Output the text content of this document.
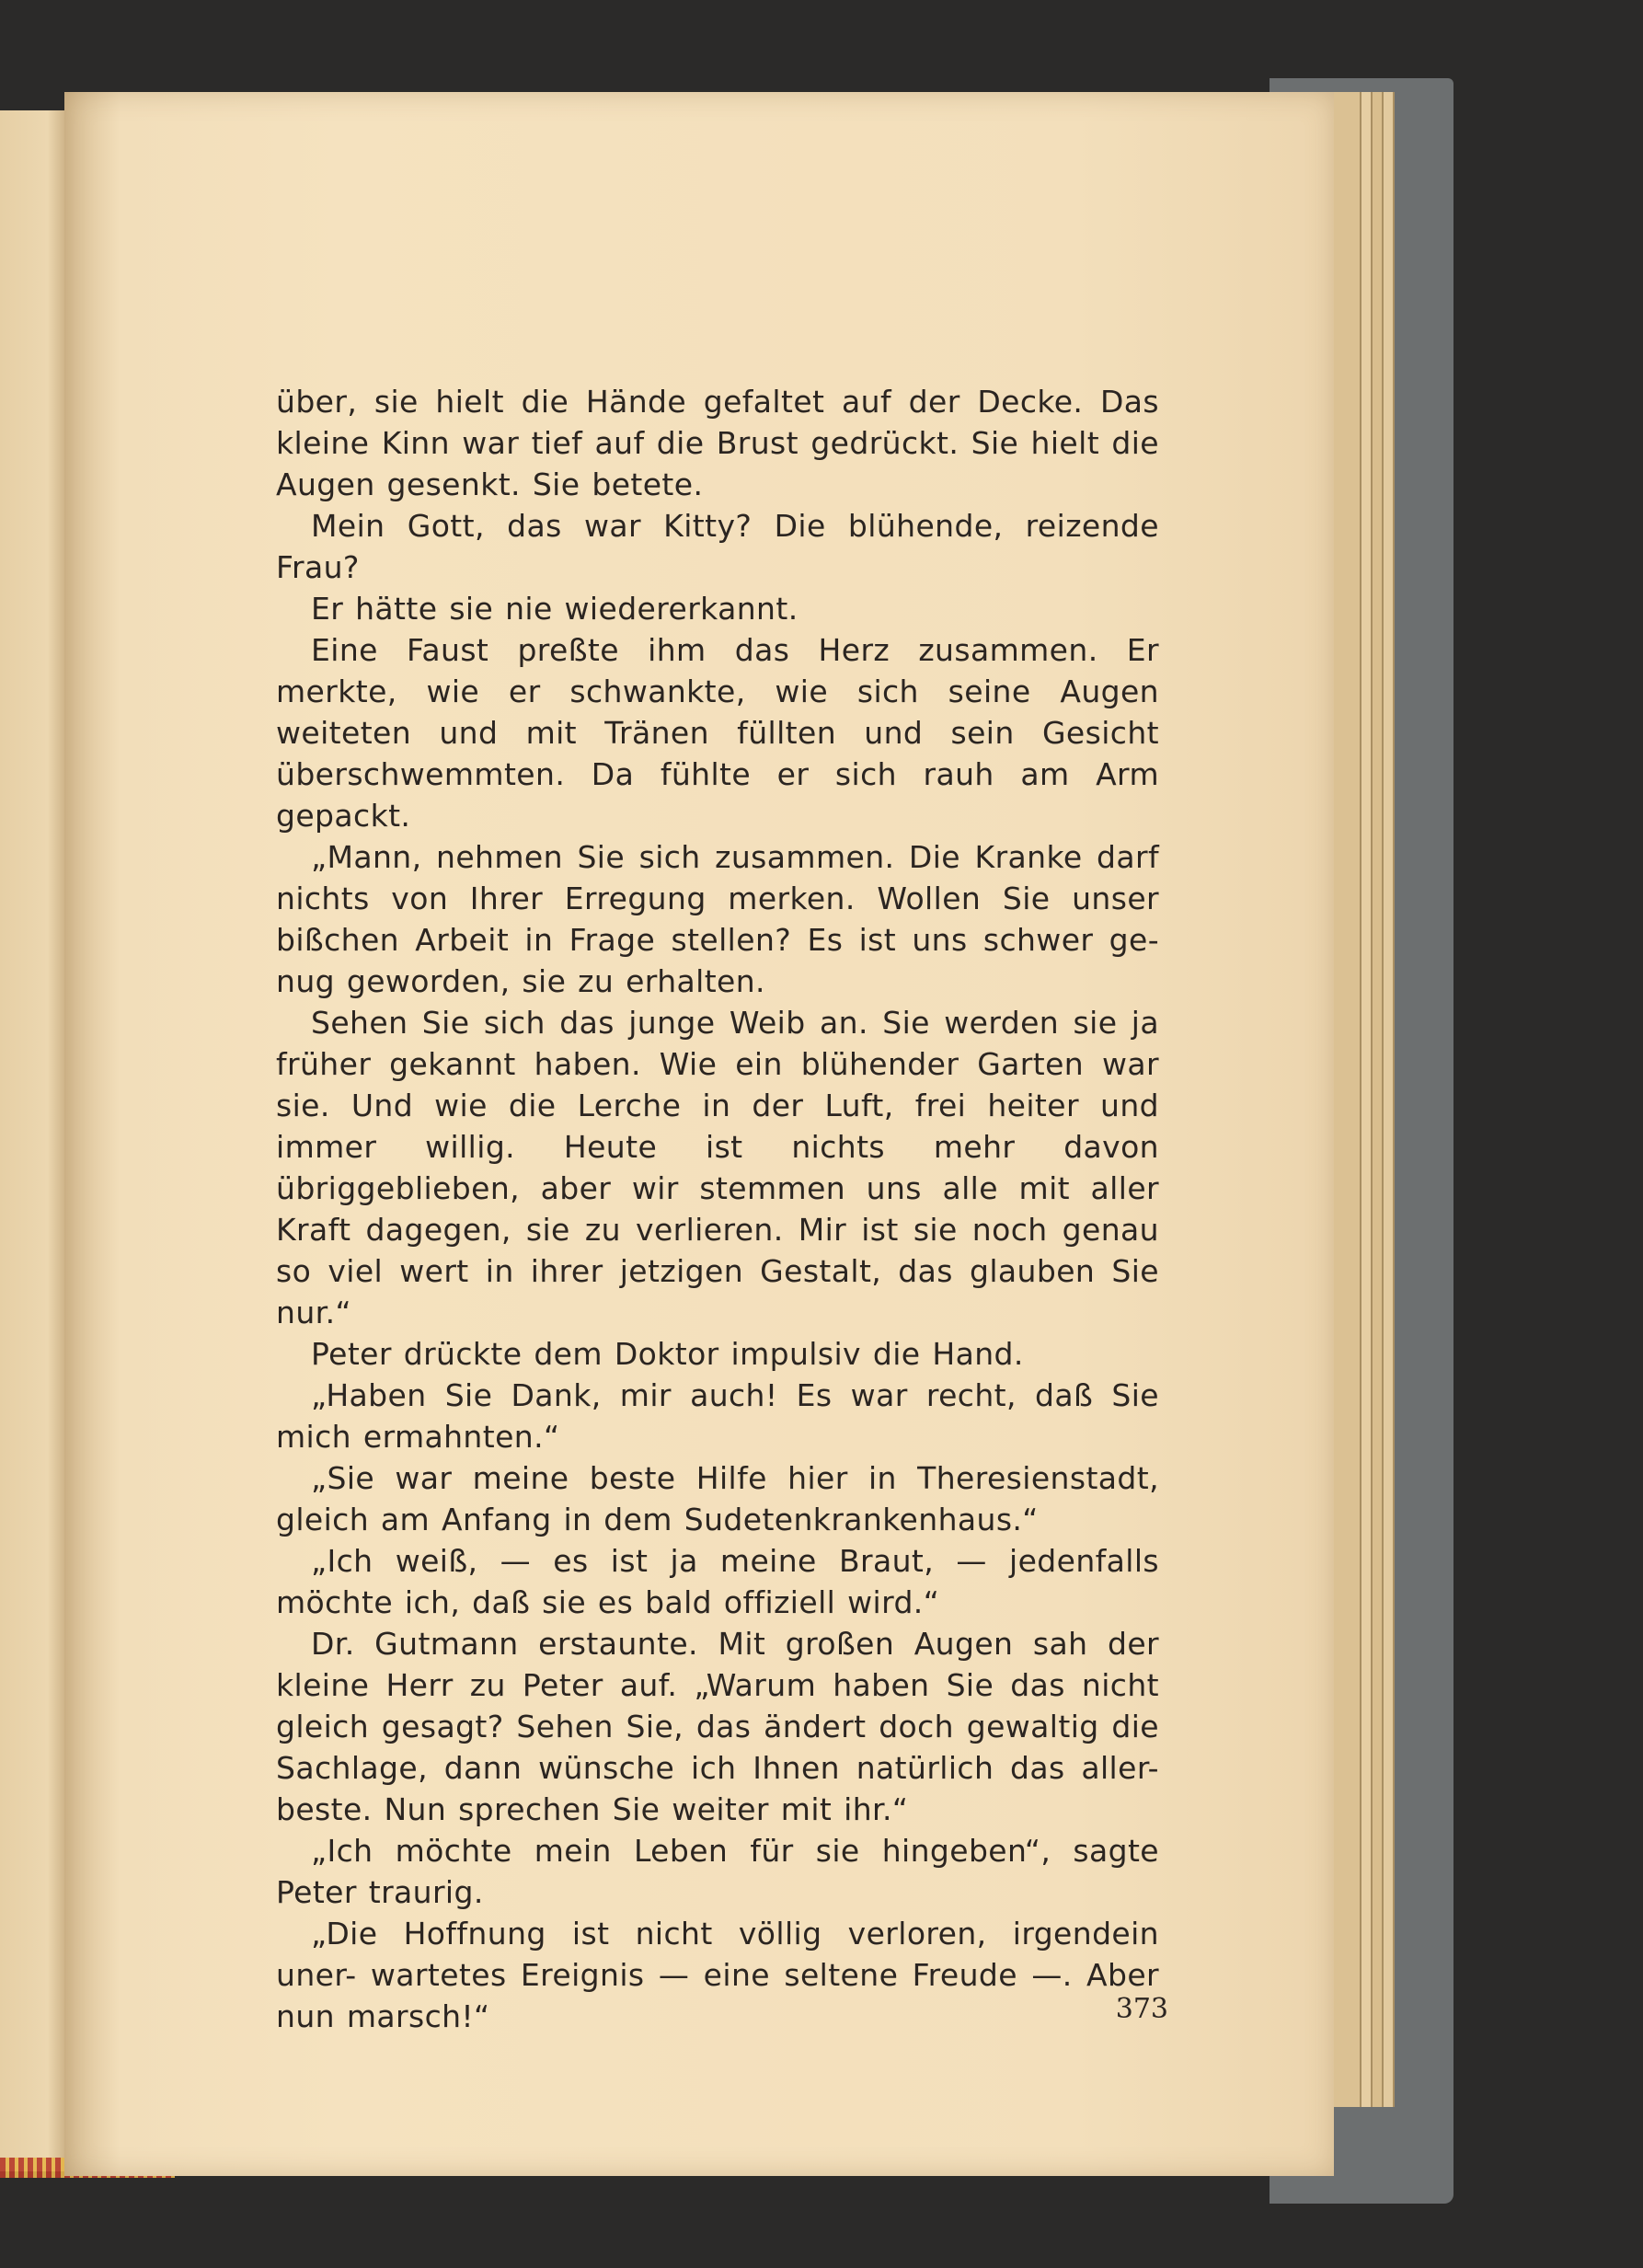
über, sie hielt die Hände gefaltet auf der Decke. Das kleine Kinn war tief auf die Brust gedrückt. Sie hielt die Augen gesenkt. Sie betete.

Mein Gott, das war Kitty? Die blühende, reizende Frau?

Er hätte sie nie wiedererkannt.

Eine Faust preßte ihm das Herz zusammen. Er merkte, wie er schwankte, wie sich seine Augen weiteten und mit Tränen füllten und sein Gesicht überschwemmten. Da fühlte er sich rauh am Arm gepackt.

„Mann, nehmen Sie sich zusammen. Die Kranke darf nichts von Ihrer Erregung merken. Wollen Sie unser bißchen Arbeit in Frage stellen? Es ist uns schwer ge- nug geworden, sie zu erhalten.

Sehen Sie sich das junge Weib an. Sie werden sie ja früher gekannt haben. Wie ein blühender Garten war sie. Und wie die Lerche in der Luft, frei heiter und immer willig. Heute ist nichts mehr davon übriggeblieben, aber wir stemmen uns alle mit aller Kraft dagegen, sie zu verlieren. Mir ist sie noch genau so viel wert in ihrer jetzigen Gestalt, das glauben Sie nur.“

Peter drückte dem Doktor impulsiv die Hand.

„Haben Sie Dank, mir auch! Es war recht, daß Sie mich ermahnten.“

„Sie war meine beste Hilfe hier in Theresienstadt, gleich am Anfang in dem Sudetenkrankenhaus.“

„Ich weiß, — es ist ja meine Braut, — jedenfalls möchte ich, daß sie es bald offiziell wird.“

Dr. Gutmann erstaunte. Mit großen Augen sah der kleine Herr zu Peter auf. „Warum haben Sie das nicht gleich gesagt? Sehen Sie, das ändert doch gewaltig die Sachlage, dann wünsche ich Ihnen natürlich das aller- beste. Nun sprechen Sie weiter mit ihr.“

„Ich möchte mein Leben für sie hingeben“, sagte Peter traurig.

„Die Hoffnung ist nicht völlig verloren, irgendein uner- wartetes Ereignis — eine seltene Freude —. Aber nun marsch!“	373
